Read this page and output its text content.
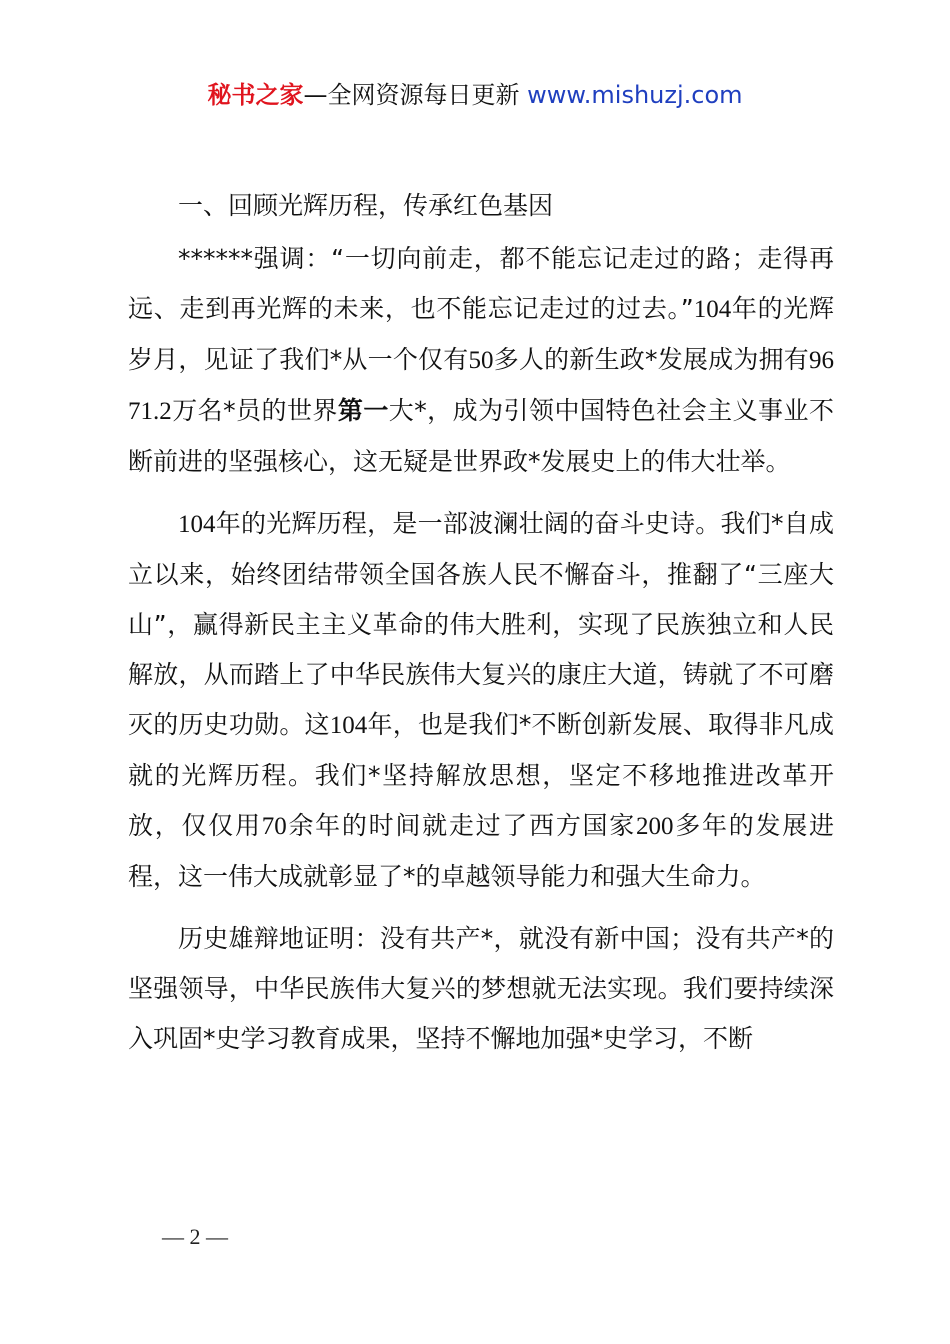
秘书之家—全网资源每日更新 www.mishuzj.com
一、回顾光辉历程，传承红色基因

******强调：“一切向前走，都不能忘记走过的路；走得再远、走到再光辉的未来，也不能忘记走过的过去。”104年的光辉岁月，见证了我们*从一个仅有50多人的新生政*发展成为拥有9671.2万名*员的世界第一大*，成为引领中国特色社会主义事业不断前进的坚强核心，这无疑是世界政*发展史上的伟大壮举。

104年的光辉历程，是一部波澜壮阔的奋斗史诗。我们*自成立以来，始终团结带领全国各族人民不懈奋斗，推翻了“三座大山”，赢得新民主主义革命的伟大胜利，实现了民族独立和人民解放，从而踏上了中华民族伟大复兴的康庄大道，铸就了不可磨灭的历史功勋。这104年，也是我们*不断创新发展、取得非凡成就的光辉历程。我们*坚持解放思想，坚定不移地推进改革开放，仅仅用70余年的时间就走过了西方国家200多年的发展进程，这一伟大成就彰显了*的卓越领导能力和强大生命力。

历史雄辩地证明：没有共产*，就没有新中国；没有共产*的坚强领导，中华民族伟大复兴的梦想就无法实现。我们要持续深入巩固*史学习教育成果，坚持不懈地加强*史学习，不断

— 2 —
